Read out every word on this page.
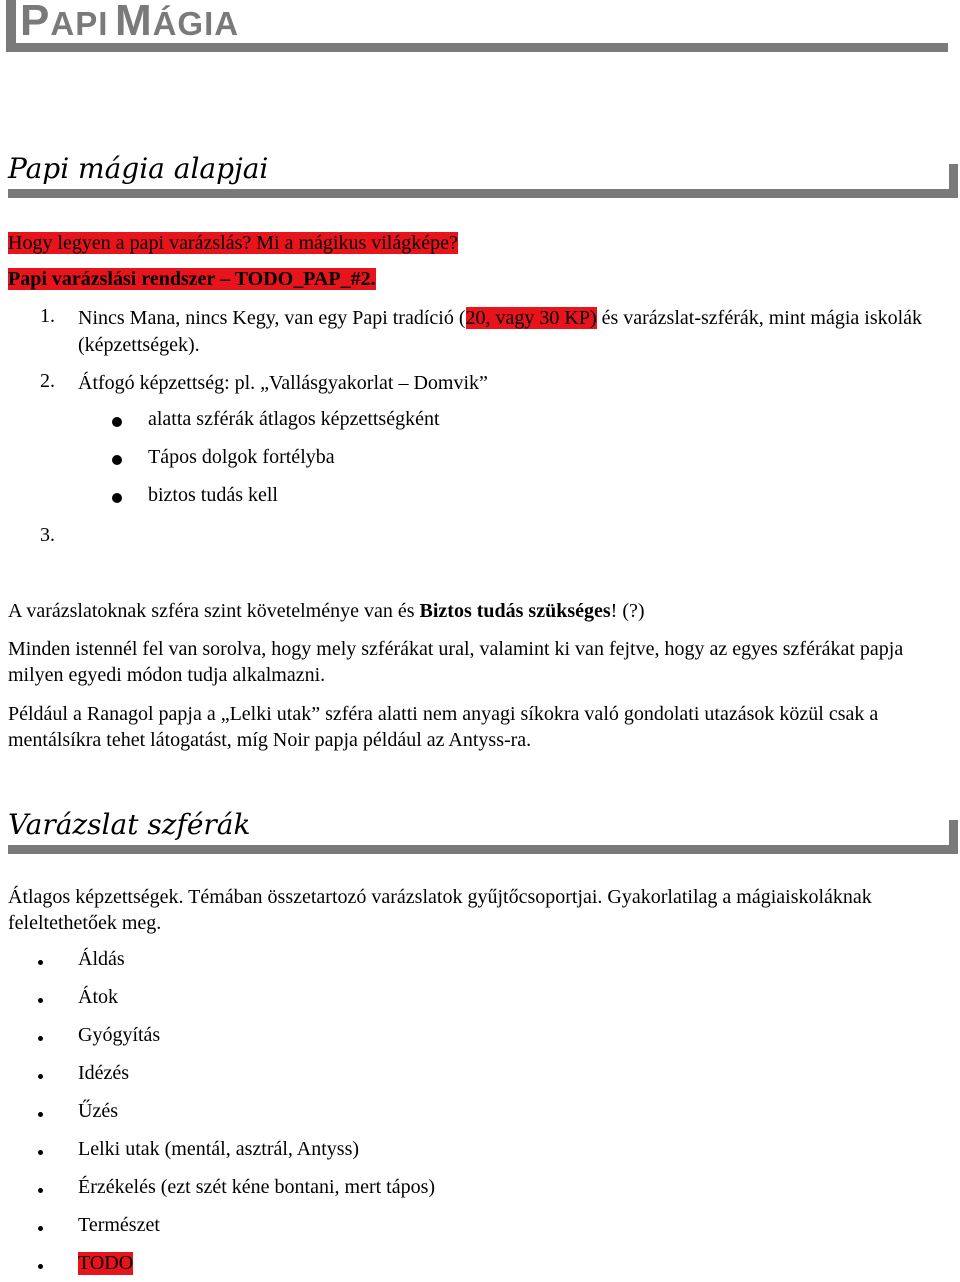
PAPI MÁGIA
Papi mágia alapjai
Hogy legyen a papi varázslás? Mi a mágikus világképe?
Papi varázslási rendszer – TODO_PAP_#2.
1. Nincs Mana, nincs Kegy, van egy Papi tradíció (20, vagy 30 KP) és varázslat-szférák, mint mágia iskolák (képzettségek).
2. Átfogó képzettség: pl. „Vallásgyakorlat – Domvik”
alatta szférák átlagos képzettségként
Tápos dolgok fortélyba
biztos tudás kell
3.
A varázslatoknak szféra szint követelménye van és Biztos tudás szükséges! (?)
Minden istennél fel van sorolva, hogy mely szférákat ural, valamint ki van fejtve, hogy az egyes szférákat papja milyen egyedi módon tudja alkalmazni.
Például a Ranagol papja a „Lelki utak” szféra alatti nem anyagi síkokra való gondolati utazások közül csak a mentálsíkra tehet látogatást, míg Noir papja például az Antyss-ra.
Varázslat szférák
Átlagos képzettségek. Témában összetartozó varázslatok gyűjtőcsoportjai. Gyakorlatilag a mágiaiskoláknak feleltethetőek meg.
Áldás
Átok
Gyógyítás
Idézés
Űzés
Lelki utak (mentál, asztrál, Antyss)
Érzékelés (ezt szét kéne bontani, mert tápos)
Természet
TODO
